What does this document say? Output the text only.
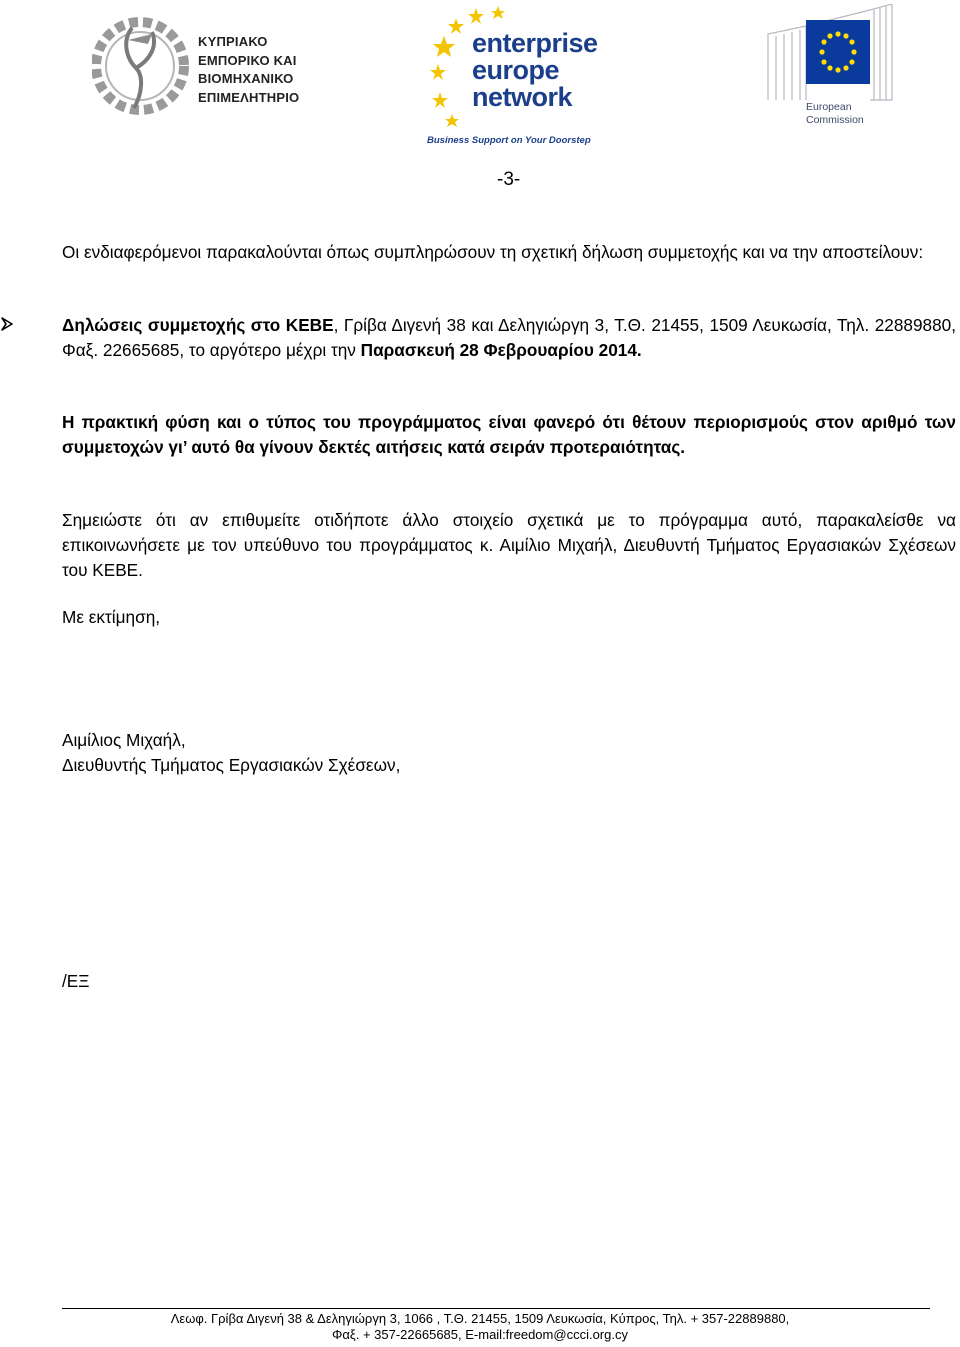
ΚΥΠΡΙΑΚΟ
ΕΜΠΟΡΙΚΟ ΚΑΙ
ΒΙΟΜΗΧΑΝΙΚΟ
ΕΠΙΜΕΛΗΤΗΡΙΟ
enterprise
europe
network
Business Support on Your Doorstep
European
Commission
-3-
Οι ενδιαφερόμενοι παρακαλούνται όπως συμπληρώσουν τη σχετική δήλωση συμμετοχής και να την αποστείλουν:
Δηλώσεις συμμετοχής στο ΚΕΒΕ, Γρίβα Διγενή 38 και Δεληγιώργη 3, Τ.Θ. 21455, 1509 Λευκωσία, Τηλ. 22889880, Φαξ. 22665685, το αργότερο μέχρι την Παρασκευή 28 Φεβρουαρίου 2014.
Η πρακτική φύση και ο τύπος του προγράμματος είναι φανερό ότι θέτουν περιορισμούς στον αριθμό των συμμετοχών γι’ αυτό θα γίνουν δεκτές αιτήσεις κατά σειράν προτεραιότητας.
Σημειώστε ότι αν επιθυμείτε οτιδήποτε άλλο στοιχείο σχετικά με το πρόγραμμα αυτό, παρακαλείσθε να επικοινωνήσετε με τον υπεύθυνο του προγράμματος κ. Αιμίλιο Μιχαήλ, Διευθυντή Τμήματος Εργασιακών Σχέσεων του ΚΕΒΕ.
Με εκτίμηση,
Αιμίλιος Μιχαήλ,
Διευθυντής Τμήματος Εργασιακών Σχέσεων,
/ΕΞ
Λεωφ. Γρίβα Διγενή 38 & Δεληγιώργη 3, 1066 , Τ.Θ. 21455, 1509 Λευκωσία, Κύπρος, Τηλ. + 357-22889880,
Φαξ. + 357-22665685, E-mail:freedom@ccci.org.cy
